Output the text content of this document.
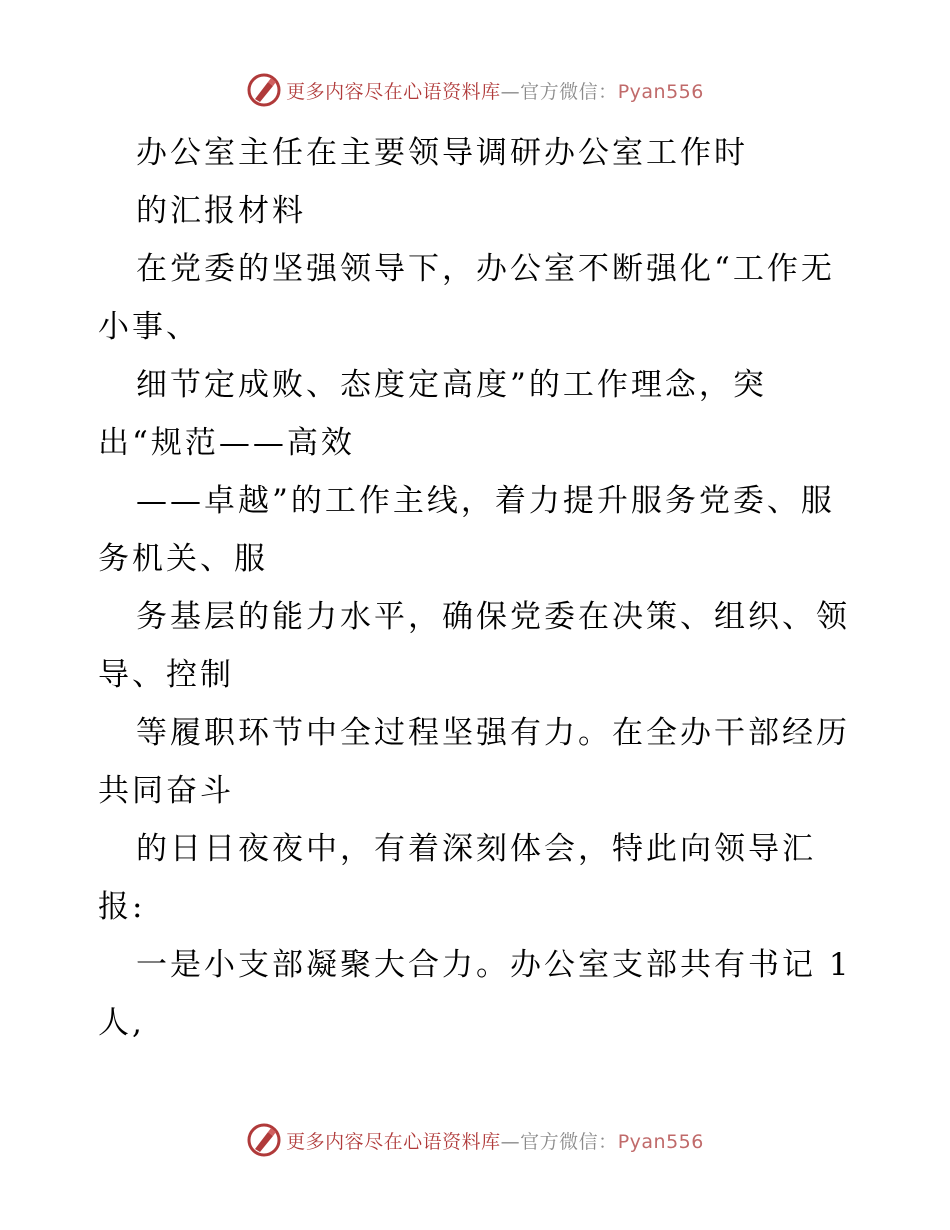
更多内容尽在心语资料库—官方微信：Pyan556
办公室主任在主要领导调研办公室工作时
的汇报材料
在党委的坚强领导下，办公室不断强化“工作无
小事、
细节定成败、态度定高度”的工作理念，突
出“规范——高效
——卓越”的工作主线，着力提升服务党委、服
务机关、服
务基层的能力水平，确保党委在决策、组织、领
导、控制
等履职环节中全过程坚强有力。在全办干部经历
共同奋斗
的日日夜夜中，有着深刻体会，特此向领导汇
报:
一是小支部凝聚大合力。办公室支部共有书记 1
人,
更多内容尽在心语资料库—官方微信：Pyan556
